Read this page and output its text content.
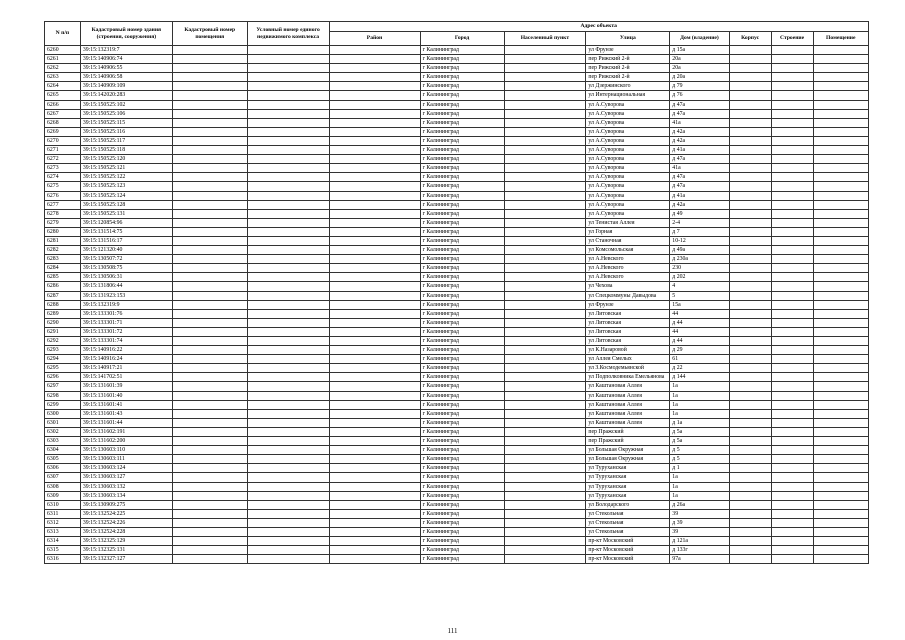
N п/п	Кадастровый номер здания (строения, сооружения)	Кадастровый номер помещения	Условный номер единого недвижимого комплекса	Адрес объекта							
				Район	Город	Населенный пункт	Улица	Дом (владение)	Корпус	Строение	Помещение
6260	39:15:132319:7				г Калининград		ул Фрунзе	д 15а			
6261	39:15:140906:74				г Калининград		пер Рижский 2-й	20а			
6262	39:15:140906:55				г Калининград		пер Рижский 2-й	20а			
6263	39:15:140906:58				г Калининград		пер Рижский 2-й	д 20а			
6264	39:15:140909:109				г Калининград		ул Дзержинского	д 79			
6265	39:15:142020:283				г Калининград		ул Интернациональная	д 76			
6266	39:15:150525:102				г Калининград		ул А.Суворова	д 47а			
6267	39:15:150525:106				г Калининград		ул А.Суворова	д 47а			
6268	39:15:150525:115				г Калининград		ул А.Суворова	41а			
6269	39:15:150525:116				г Калининград		ул А.Суворова	д 42а			
6270	39:15:150525:117				г Калининград		ул А.Суворова	д 42а			
6271	39:15:150525:118				г Калининград		ул А.Суворова	д 41а			
6272	39:15:150525:120				г Калининград		ул А.Суворова	д 47а			
6273	39:15:150525:121				г Калининград		ул А.Суворова	41а			
6274	39:15:150525:122				г Калининград		ул А.Суворова	д 47а			
6275	39:15:150525:123				г Калининград		ул А.Суворова	д 47а			
6276	39:15:150525:124				г Калининград		ул А.Суворова	д 41а			
6277	39:15:150525:128				г Калининград		ул А.Суворова	д 42а			
6278	39:15:150525:131				г Калининград		ул А.Суворова	д 49			
6279	39:15:120854:96				г Калининград		ул Тенистая Аллея	2-4			
6280	39:15:131514:75				г Калининград		ул Горная	д 7			
6281	39:15:131516:17				г Калининград		ул Станочная	10-12			
6282	39:15:121320:40				г Калининград		ул Комсомольская	д 49а			
6283	39:15:130507:72				г Калининград		ул А.Невского	д 230а			
6284	39:15:130508:75				г Калининград		ул А.Невского	230			
6285	39:15:130506:31				г Калининград		ул А.Невского	д 202			
6286	39:15:131806:44				г Калининград		ул Чехова	4			
6287	39:15:131923:153				г Калининград		ул Спецкоммуны Давыдова	5			
6288	39:15:132319:9				г Калининград		ул Фрунзе	15а			
6289	39:15:133301:76				г Калининград		ул Литовская	44			
6290	39:15:133301:71				г Калининград		ул Литовская	д 44			
6291	39:15:133301:72				г Калининград		ул Литовская	44			
6292	39:15:133301:74				г Калининград		ул Литовская	д 44			
6293	39:15:140916:22				г Калининград		ул К.Назаровой	д 29			
6294	39:15:140916:24				г Калининград		ул Аллея Смелых	61			
6295	39:15:140917:21				г Калининград		ул З.Космодемьянской	д 22			
6296	39:15:141702:51				г Калининград		ул Подполковника Емельянова	д 144			
6297	39:15:131601:39				г Калининград		ул Каштановая Аллея	1а			
6298	39:15:131601:40				г Калининград		ул Каштановая Аллея	1а			
6299	39:15:131601:41				г Калининград		ул Каштановая Аллея	1а			
6300	39:15:131601:43				г Калининград		ул Каштановая Аллея	1а			
6301	39:15:131601:44				г Калининград		ул Каштановая Аллея	д 1а			
6302	39:15:131602:191				г Калининград		пер Пражский	д 5а			
6303	39:15:131602:200				г Калининград		пер Пражский	д 5а			
6304	39:15:130603:110				г Калининград		ул Большая Окружная	д 5			
6305	39:15:130603:111				г Калининград		ул Большая Окружная	д 5			
6306	39:15:130603:124				г Калининград		ул Туруханская	д 1			
6307	39:15:130603:127				г Калининград		ул Туруханская	1а			
6308	39:15:130603:132				г Калининград		ул Туруханская	1а			
6309	39:15:130603:134				г Калининград		ул Туруханская	1а			
6310	39:15:130909:275				г Калининград		ул Володарского	д 26а			
6311	39:15:132524:225				г Калининград		ул Стекольная	39			
6312	39:15:132524:226				г Калининград		ул Стекольная	д 39			
6313	39:15:132524:228				г Калининград		ул Стекольная	39			
6314	39:15:132325:129				г Калининград		пр-кт Московский	д 121а			
6315	39:15:132325:131				г Калининград		пр-кт Московский	д 133г			
6316	39:15:132327:127				г Калининград		пр-кт Московский	97а			
111
